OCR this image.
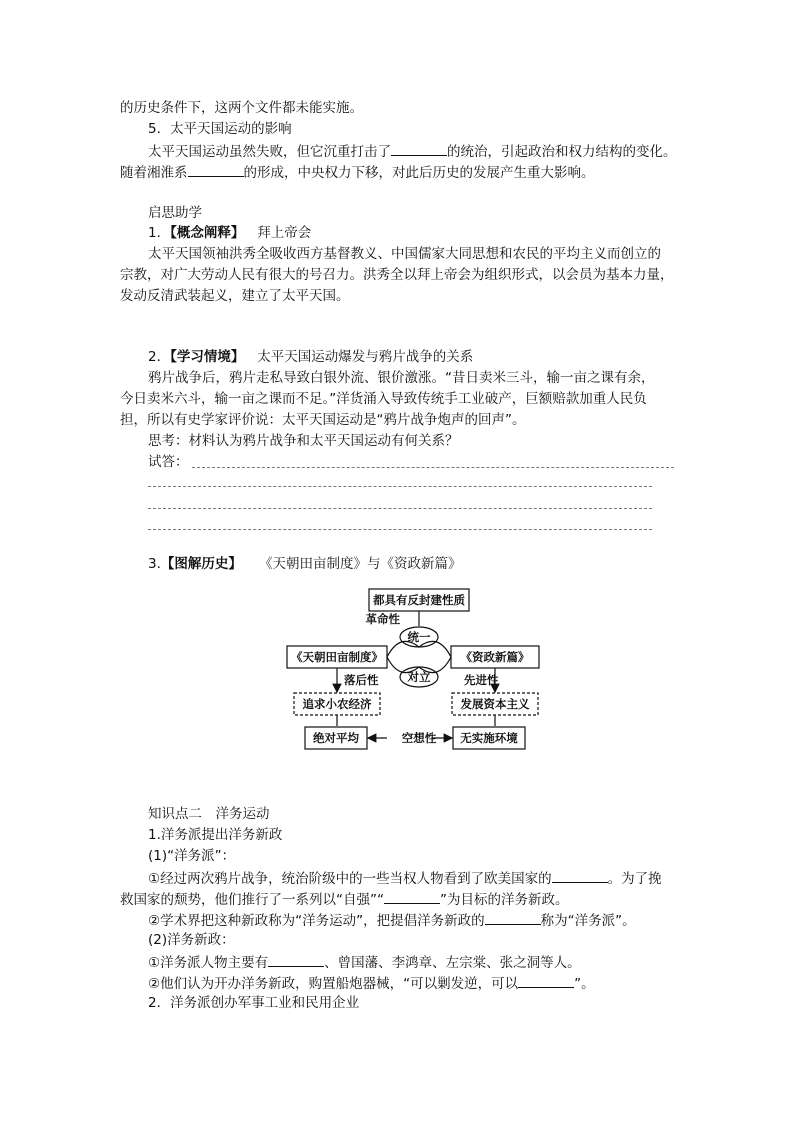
的历史条件下，这两个文件都未能实施。
5．太平天国运动的影响
太平天国运动虽然失败，但它沉重打击了	的统治，引起政治和权力结构的变化。
随着湘淮系	的形成，中央权力下移，对此后历史的发展产生重大影响。
启思助学
1．【概念阐释】 拜上帝会
太平天国领袖洪秀全吸收西方基督教义、中国儒家大同思想和农民的平均主义而创立的
宗教，对广大劳动人民有很大的号召力。洪秀全以拜上帝会为组织形式，以会员为基本力量，
发动反清武装起义，建立了太平天国。
2．【学习情境】 太平天国运动爆发与鸦片战争的关系
鸦片战争后，鸦片走私导致白银外流、银价激涨。“昔日卖米三斗，输一亩之课有余，
今日卖米六斗，输一亩之课而不足。”洋货涌入导致传统手工业破产，巨额赔款加重人民负
担，所以有史学家评价说：太平天国运动是“鸦片战争炮声的回声”。
思考：材料认为鸦片战争和太平天国运动有何关系？
试答：
3.【图解历史】 《天朝田亩制度》与《资政新篇》
都具有反封建性质
革命性
统一
对立
《天朝田亩制度》	《资政新篇》
落后性	先进性
追求小农经济	发展资本主义
绝对平均	无实施环境
空想性
知识点二　洋务运动
1.洋务派提出洋务新政
(1)“洋务派”：
①经过两次鸦片战争，统治阶级中的一些当权人物看到了欧美国家的	。为了挽
救国家的颓势，他们推行了一系列以“自强”“	”为目标的洋务新政。
②学术界把这种新政称为“洋务运动”，把提倡洋务新政的	称为“洋务派”。
(2)洋务新政：
①洋务派人物主要有	、曾国藩、李鸿章、左宗棠、张之洞等人。
②他们认为开办洋务新政，购置船炮器械，“可以剿发逆，可以	”。
2．洋务派创办军事工业和民用企业
